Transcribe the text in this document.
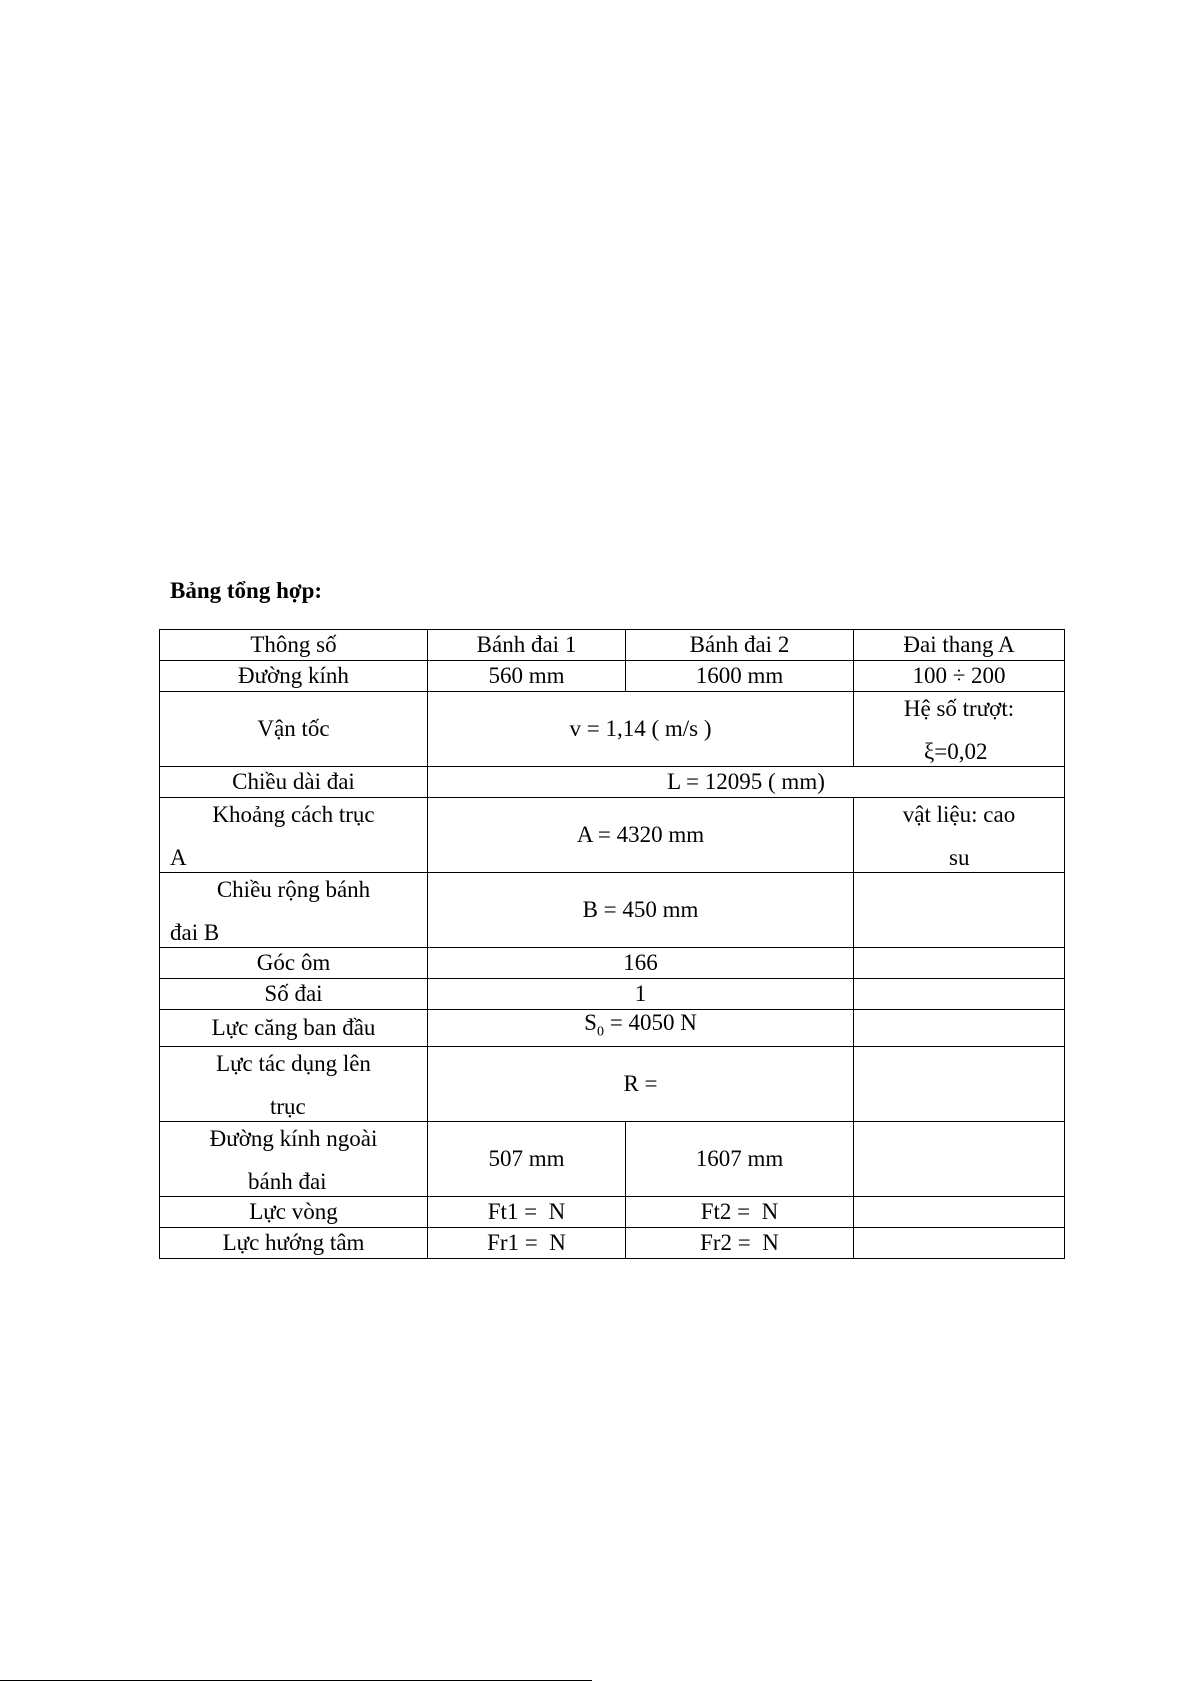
Bảng tổng hợp:
Thông số	Bánh đai 1	Bánh đai 2	Đai thang A
Đường kính	560 mm	1600 mm	100 ÷ 200
Vận tốc	v = 1,14 ( m/s )		Hệ số trượt:
ξ=0,02

Chiều dài đai	L = 12095 ( mm)		

Khoảng cách trục
A	A = 4320 mm		vật liệu: cao
su

Chiều rộng bánh
đai B	B = 450 mm		
Góc ôm	166		
Số đai	1		
Lực căng ban đầu	$S_0 = 4050$ N		

Lực tác dụng lên
trục	R =		

Đường kính ngoài
bánh đai	507 mm	1607 mm	
Lực vòng	Ft1 =  N	Ft2 =  N	
Lực hướng tâm	Fr1 =  N	Fr2 =  N	
